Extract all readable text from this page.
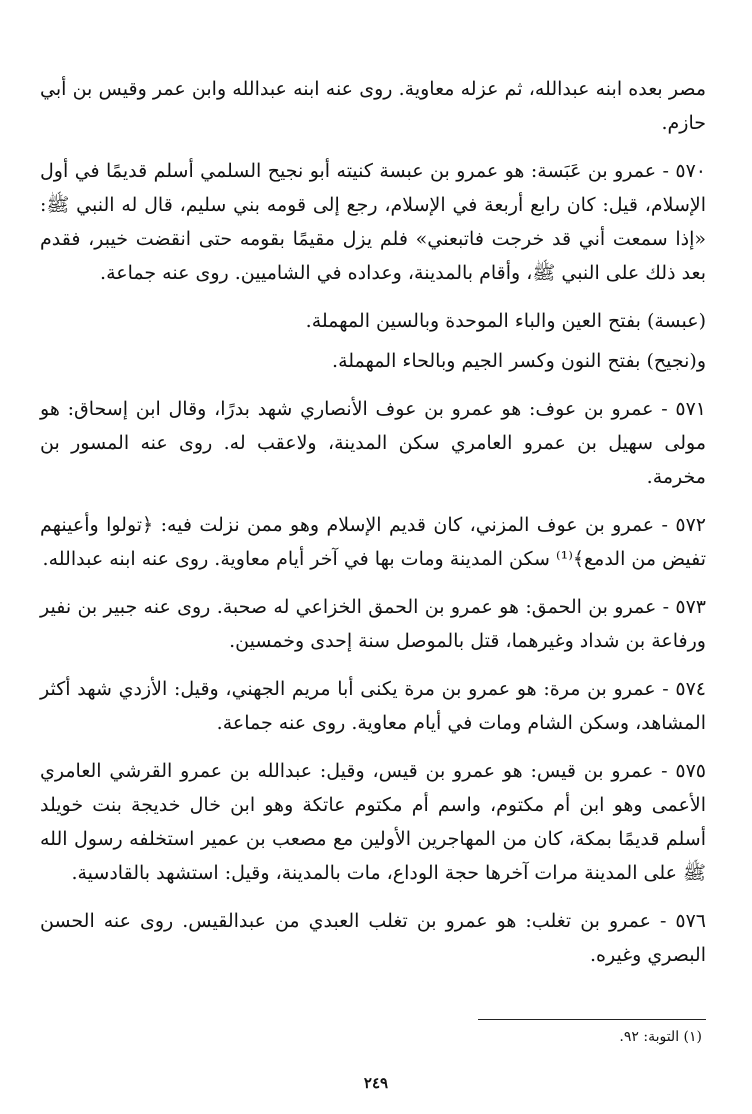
مصر بعده ابنه عبدالله، ثم عزله معاوية. روى عنه ابنه عبدالله وابن عمر وقيس بن أبي حازم.

٥٧٠ - عمرو بن عَبَسة: هو عمرو بن عبسة كنيته أبو نجيح السلمي أسلم قديمًا في أول الإسلام، قيل: كان رابع أربعة في الإسلام، رجع إلى قومه بني سليم، قال له النبي ﷺ: «إذا سمعت أني قد خرجت فاتبعني» فلم يزل مقيمًا بقومه حتى انقضت خيبر، فقدم بعد ذلك على النبي ﷺ، وأقام بالمدينة، وعداده في الشاميين. روى عنه جماعة.

(عبسة) بفتح العين والباء الموحدة وبالسين المهملة.

و(نجيح) بفتح النون وكسر الجيم وبالحاء المهملة.

٥٧١ - عمرو بن عوف: هو عمرو بن عوف الأنصاري شهد بدرًا، وقال ابن إسحاق: هو مولى سهيل بن عمرو العامري سكن المدينة، ولاعقب له. روى عنه المسور بن مخرمة.

٥٧٢ - عمرو بن عوف المزني، كان قديم الإسلام وهو ممن نزلت فيه: ﴿تولوا وأعينهم تفيض من الدمع﴾⁽¹⁾ سكن المدينة ومات بها في آخر أيام معاوية. روى عنه ابنه عبدالله.

٥٧٣ - عمرو بن الحمق: هو عمرو بن الحمق الخزاعي له صحبة. روى عنه جبير بن نفير ورفاعة بن شداد وغيرهما، قتل بالموصل سنة إحدى وخمسين.

٥٧٤ - عمرو بن مرة: هو عمرو بن مرة يكنى أبا مريم الجهني، وقيل: الأزدي شهد أكثر المشاهد، وسكن الشام ومات في أيام معاوية. روى عنه جماعة.

٥٧٥ - عمرو بن قيس: هو عمرو بن قيس، وقيل: عبدالله بن عمرو القرشي العامري الأعمى وهو ابن أم مكتوم، واسم أم مكتوم عاتكة وهو ابن خال خديجة بنت خويلد أسلم قديمًا بمكة، كان من المهاجرين الأولين مع مصعب بن عمير استخلفه رسول الله ﷺ على المدينة مرات آخرها حجة الوداع، مات بالمدينة، وقيل: استشهد بالقادسية.

٥٧٦ - عمرو بن تغلب: هو عمرو بن تغلب العبدي من عبدالقيس. روى عنه الحسن البصري وغيره.

(١) التوبة: ٩٢.
٢٤٩
